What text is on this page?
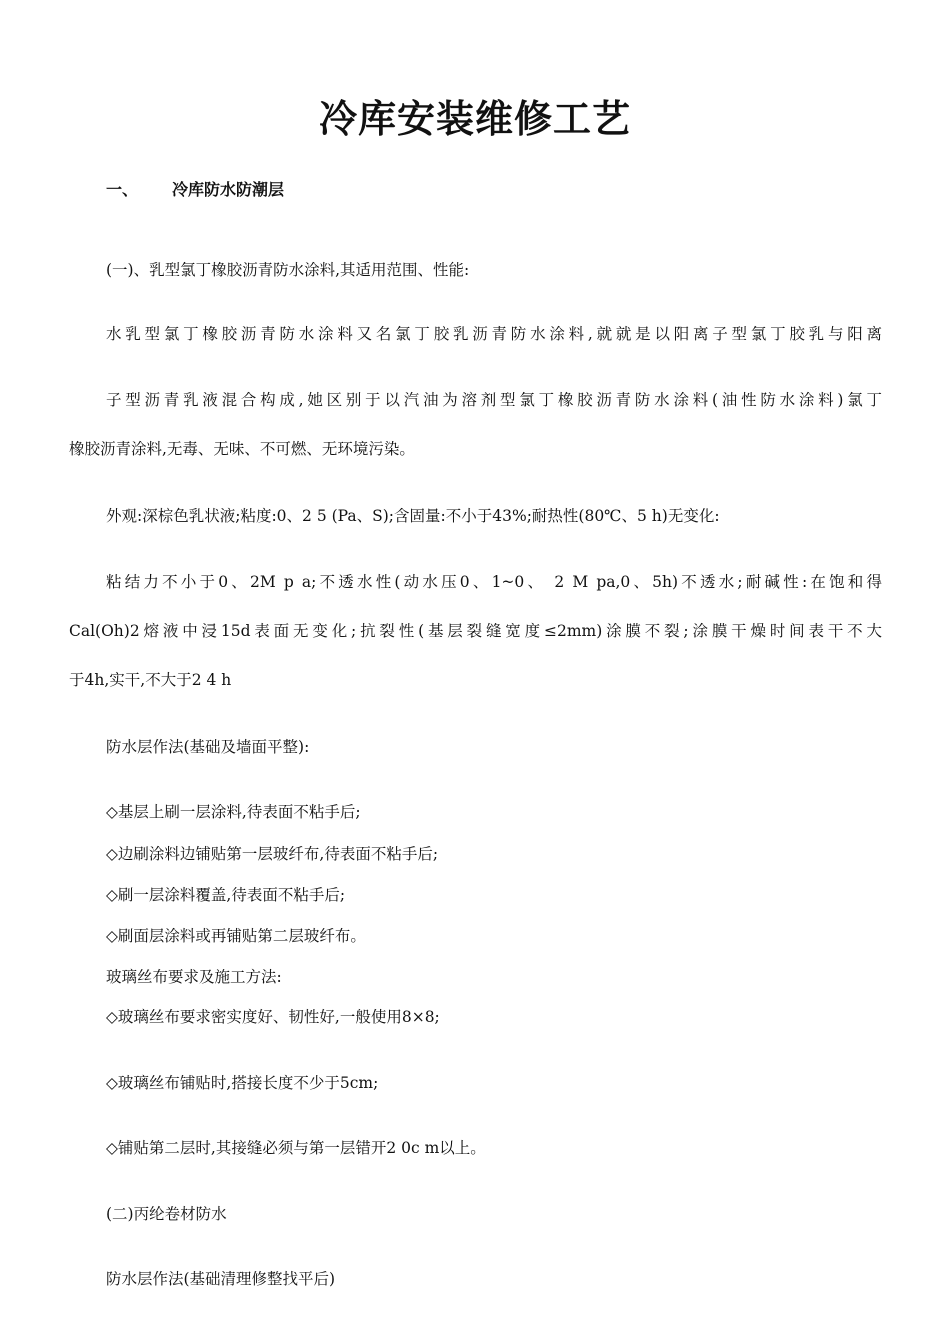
冷库安装维修工艺
一、 冷库防水防潮层
(一)、乳型氯丁橡胶沥青防水涂料,其适用范围、性能:
水乳型氯丁橡胶沥青防水涂料又名氯丁胶乳沥青防水涂料,就就是以阳离子型氯丁胶乳与阳离
子型沥青乳液混合构成,她区别于以汽油为溶剂型氯丁橡胶沥青防水涂料(油性防水涂料)氯丁
橡胶沥青涂料,无毒、无味、不可燃、无环境污染。
外观:深棕色乳状液;粘度:0、2 5 (Pa、S);含固量:不小于43%;耐热性(80℃、5 h)无变化:
粘结力不小于0、2M p a;不透水性(动水压0、1~0、 2 M pa,0、5h)不透水;耐碱性:在饱和得
Cal(Oh)2熔液中浸15d表面无变化;抗裂性(基层裂缝宽度≤2mm)涂膜不裂;涂膜干燥时间表干不大
于4h,实干,不大于2 4 h
防水层作法(基础及墙面平整):
◇基层上刷一层涂料,待表面不粘手后;
◇边刷涂料边铺贴第一层玻纤布,待表面不粘手后;
◇刷一层涂料覆盖,待表面不粘手后;
◇刷面层涂料或再铺贴第二层玻纤布。
玻璃丝布要求及施工方法:
◇玻璃丝布要求密实度好、韧性好,一般使用8×8;
◇玻璃丝布铺贴时,搭接长度不少于5cm;
◇铺贴第二层时,其接缝必须与第一层错开2 0c m以上。
(二)丙纶卷材防水
防水层作法(基础清理修整找平后)
